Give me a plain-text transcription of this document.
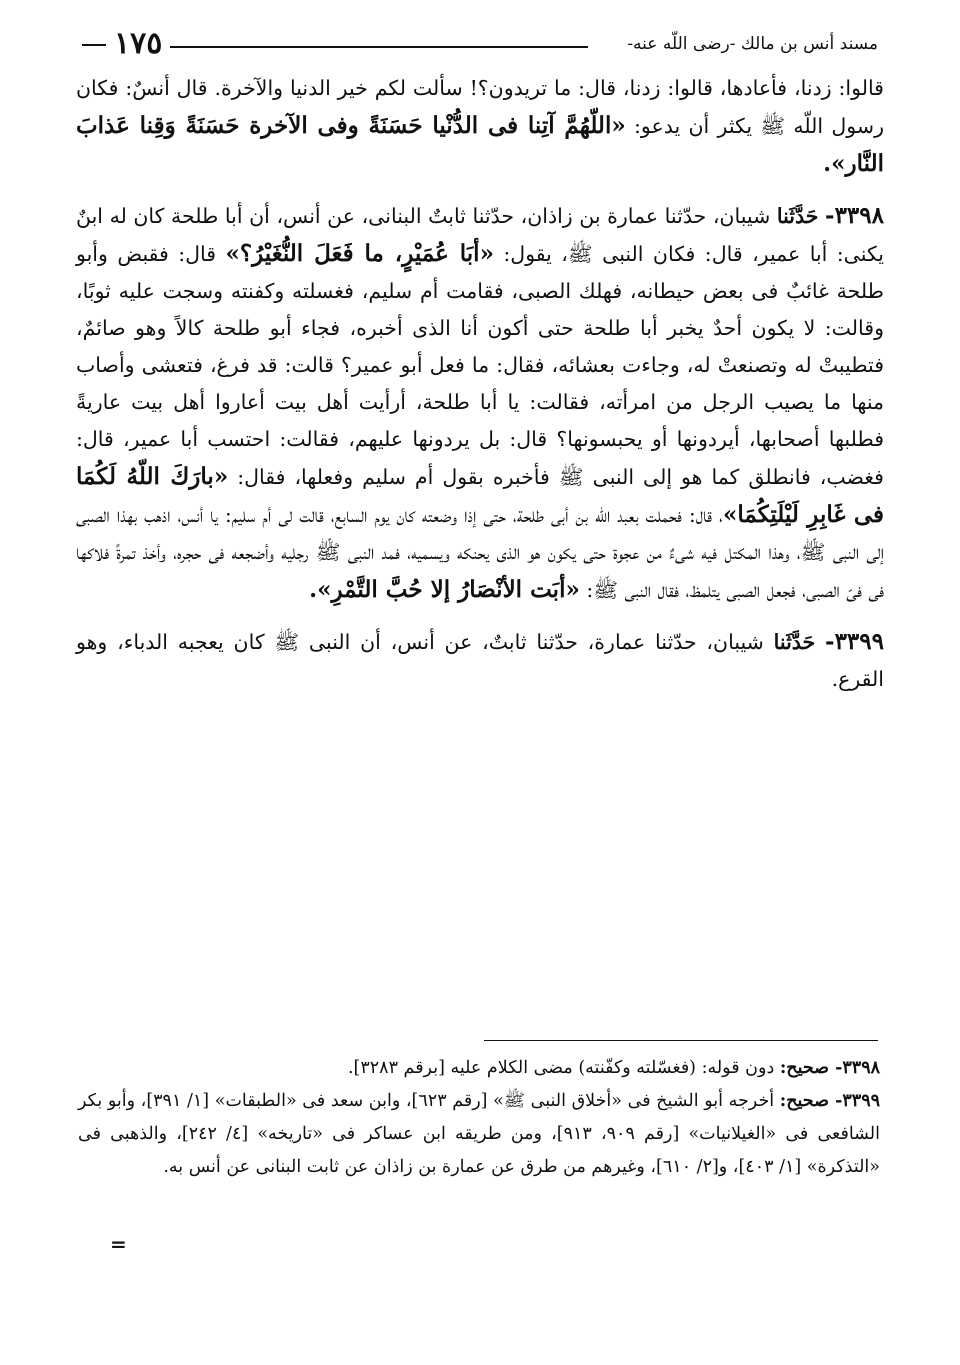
مسند أنس بن مالك -رضى اللّه عنه-
١٧٥

قالوا: زدنا، فأعادها، قالوا: زدنا، قال: ما تريدون؟! سألت لكم خير الدنيا والآخرة. قال أنسٌ: فكان رسول اللّه ﷺ يكثر أن يدعو: «اللّهُمَّ آتِنا فى الدُّنْيا حَسَنَةً وفى الآخرة حَسَنَةً وَقِنا عَذابَ النَّار».

٣٣٩٨- حَدَّثَنا شيبان، حدّثنا عمارة بن زاذان، حدّثنا ثابتٌ البنانى، عن أنس، أن أبا طلحة كان له ابنٌ يكنى: أبا عمير، قال: فكان النبى ﷺ، يقول: «أبَا عُمَيْرٍ، ما فَعَلَ النُّغَيْرُ؟» قال: فقبض وأبو طلحة غائبٌ فى بعض حيطانه، فهلك الصبى، فقامت أم سليم، فغسلته وكفنته وسجت عليه ثوبًا، وقالت: لا يكون أحدٌ يخبر أبا طلحة حتى أكون أنا الذى أخبره، فجاء أبو طلحة كالاً وهو صائمٌ، فتطيبتْ له وتصنعتْ له، وجاءت بعشائه، فقال: ما فعل أبو عمير؟ قالت: قد فرغ، فتعشى وأصاب منها ما يصيب الرجل من امرأته، فقالت: يا أبا طلحة، أرأيت أهل بيت أعاروا أهل بيت عاريةً فطلبها أصحابها، أيردونها أو يحبسونها؟ قال: بل يردونها عليهم، فقالت: احتسب أبا عمير، قال: فغضب، فانطلق كما هو إلى النبى ﷺ فأخبره بقول أم سليم وفعلها، فقال: «بارَكَ اللّهُ لَكُمَا فى غَابِرِ لَيْلَتِكُمَا»، قال: فحملت بعبد اللّه بن أبى طلحة، حتى إذا وضعته كان يوم السابع، قالت لى أم سليم: يا أنس، اذهب بهذا الصبى إلى النبى ﷺ، وهذا المكتل فيه شىءٌ من عجوة حتى يكون هو الذى يحنكه ويسميه، فمد النبى ﷺ رجليه وأضجعه فى حجره، وأخذ تمرةً فلاكها فى فىّ الصبى، فجعل الصبى يتلمظ، فقال النبى ﷺ: «أبَت الأنْصَارُ إلا حُبَّ التَّمْرِ».

٣٣٩٩- حَدَّثَنا شيبان، حدّثنا عمارة، حدّثنا ثابتٌ، عن أنس، أن النبى ﷺ كان يعجبه الدباء، وهو القرع.

٣٣٩٨- صحيح: دون قوله: (فغسّلته وكفّنته) مضى الكلام عليه [برقم ٣٢٨٣].

٣٣٩٩- صحيح: أخرجه أبو الشيخ فى «أخلاق النبى ﷺ» [رقم ٦٢٣]، وابن سعد فى «الطبقات» [١/ ٣٩١]، وأبو بكر الشافعى فى «الغيلانيات» [رقم ٩٠٩، ٩١٣]، ومن طريقه ابن عساكر فى «تاريخه» [٤/ ٢٤٢]، والذهبى فى «التذكرة» [١/ ٤٠٣]، و[٢/ ٦١٠]، وغيرهم من طرق عن عمارة بن زاذان عن ثابت البنانى عن أنس به.

=
